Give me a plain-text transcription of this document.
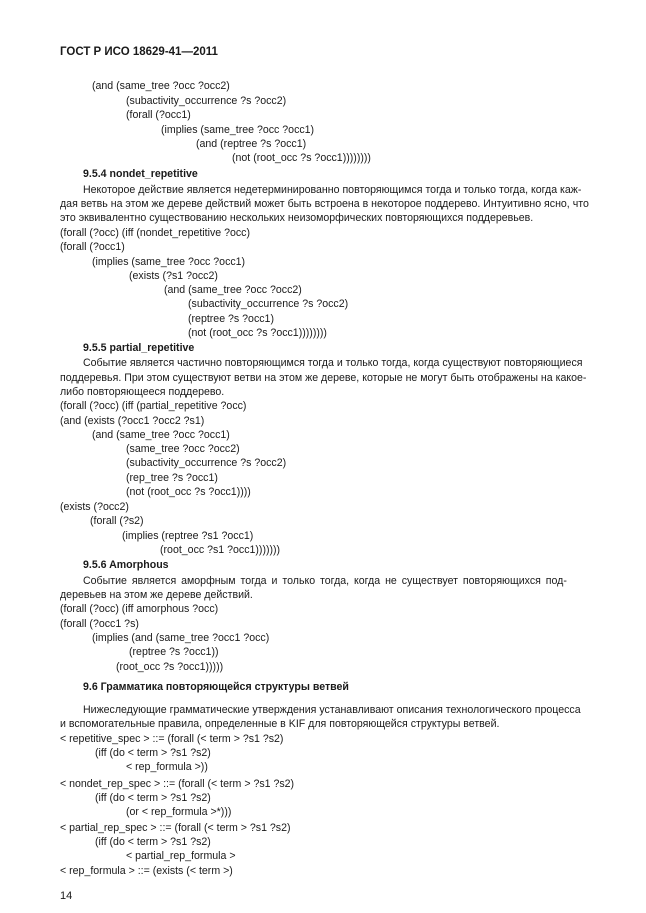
ГОСТ Р ИСО 18629-41—2011
(and (same_tree ?occ ?occ2)
(subactivity_occurrence ?s ?occ2)
(forall (?occ1)
(implies (same_tree ?occ ?occ1)
(and (reptree ?s ?occ1)
(not (root_occ ?s ?occ1))))))))
9.5.4 nondet_repetitive
Некоторое действие является недетерминированно повторяющимся тогда и только тогда, когда каж-
дая ветвь на этом же дереве действий может быть встроена в некоторое поддерево. Интуитивно ясно, что
это эквивалентно существованию нескольких неизоморфических повторяющихся поддеревьев.
(forall (?occ) (iff (nondet_repetitive ?occ)
(forall (?occ1)
(implies (same_tree ?occ ?occ1)
(exists (?s1 ?occ2)
(and (same_tree ?occ ?occ2)
(subactivity_occurrence ?s ?occ2)
(reptree ?s ?occ1)
(not (root_occ ?s ?occ1))))))))
9.5.5 partial_repetitive
Событие является частично повторяющимся тогда и только тогда, когда существуют повторяющиеся
поддеревья. При этом существуют ветви на этом же дереве, которые не могут быть отображены на какое-
либо повторяющееся поддерево.
(forall (?occ) (iff (partial_repetitive ?occ)
(and (exists (?occ1 ?occ2 ?s1)
(and (same_tree ?occ ?occ1)
(same_tree ?occ ?occ2)
(subactivity_occurrence ?s ?occ2)
(rep_tree ?s ?occ1)
(not (root_occ ?s ?occ1))))
(exists (?occ2)
(forall (?s2)
(implies (reptree ?s1 ?occ1)
(root_occ ?s1 ?occ1)))))))
9.5.6 Amorphous
Событие является аморфным тогда и только тогда, когда не существует повторяющихся под-
деревьев на этом же дереве действий.
(forall (?occ) (iff amorphous ?occ)
(forall (?occ1 ?s)
(implies (and (same_tree ?occ1 ?occ)
(reptree ?s ?occ1))
(root_occ ?s ?occ1)))))
9.6 Грамматика повторяющейся структуры ветвей
Нижеследующие грамматические утверждения устанавливают описания технологического процесса
и вспомогательные правила, определенные в KIF для повторяющейся структуры ветвей.
< repetitive_spec > ::= (forall (< term > ?s1 ?s2)
(iff (do < term > ?s1 ?s2)
< rep_formula >))
< nondet_rep_spec > ::= (forall (< term > ?s1 ?s2)
(iff (do < term > ?s1 ?s2)
(or < rep_formula >*)))
< partial_rep_spec > ::= (forall (< term > ?s1 ?s2)
(iff (do < term > ?s1 ?s2)
< partial_rep_formula >
< rep_formula > ::= (exists (< term >)
14
